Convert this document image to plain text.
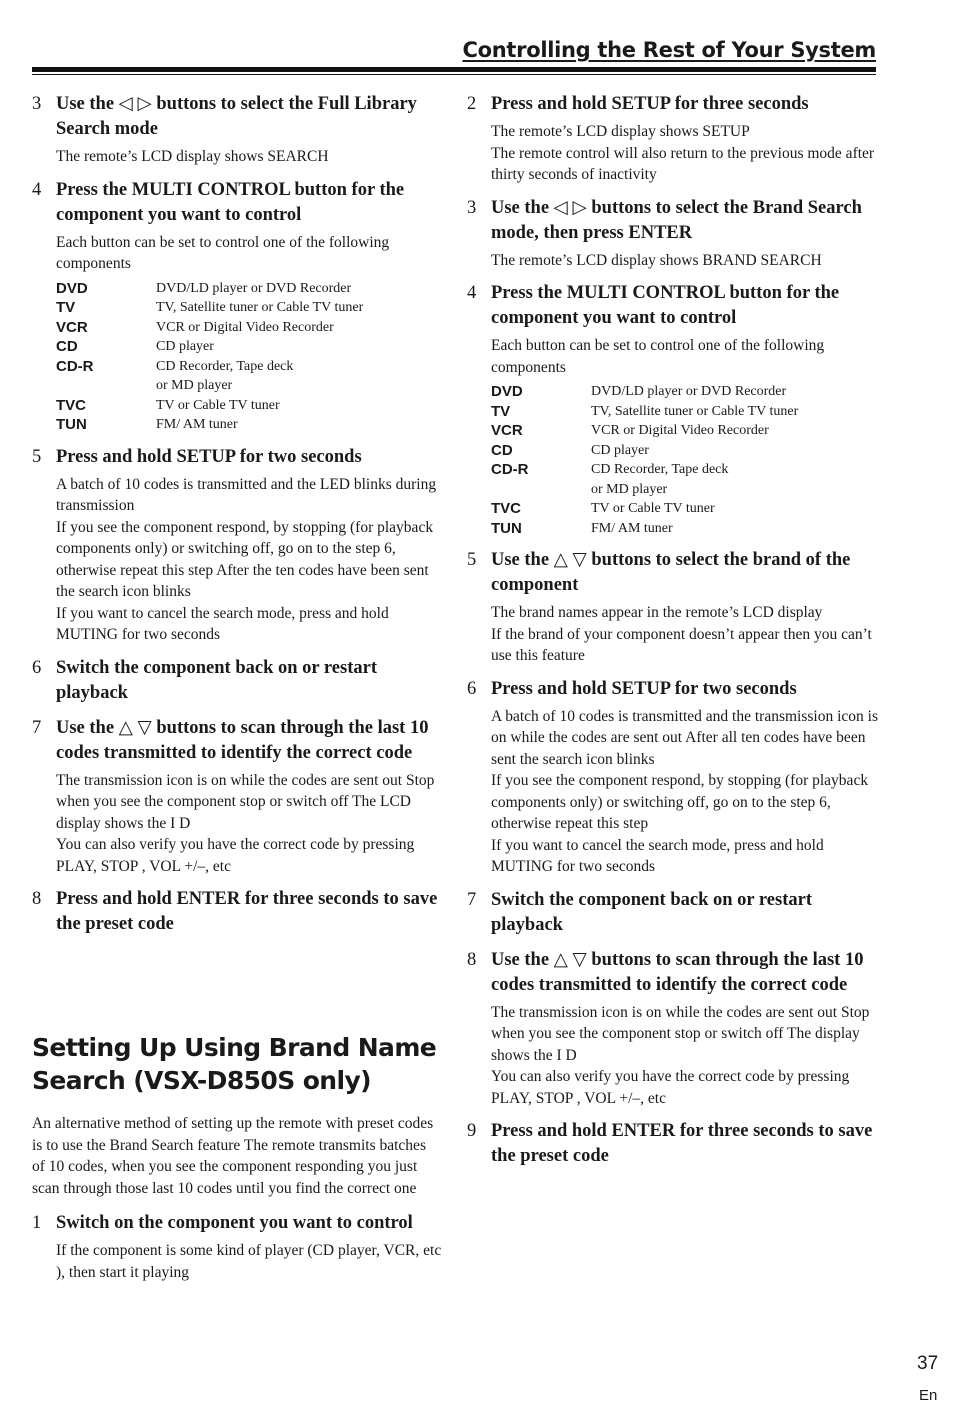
Controlling the Rest of Your System
3 Use the ◁ ▷ buttons to select the Full Library Search mode
The remote’s LCD display shows SEARCH
4 Press the MULTI CONTROL button for the component you want to control
Each button can be set to control one of the following components
DVD	DVD/LD player or DVD Recorder
TV	TV, Satellite tuner or Cable TV tuner
VCR	VCR or Digital Video Recorder
CD	CD player
CD-R	CD Recorder, Tape deck
or MD player
TVC	TV or Cable TV tuner
TUN	FM/ AM tuner
5 Press and hold SETUP for two seconds
A batch of 10 codes is transmitted and the LED blinks during transmission
If you see the component respond, by stopping (for playback components only) or switching off, go on to the step 6, otherwise repeat this step After the ten codes have been sent the search icon blinks
If you want to cancel the search mode, press and hold MUTING for two seconds
6 Switch the component back on or restart playback
7 Use the △ ▽ buttons to scan through the last 10 codes transmitted to identify the correct code
The transmission icon is on while the codes are sent out Stop when you see the component stop or switch off The LCD display shows the I D
You can also verify you have the correct code by pressing PLAY, STOP , VOL +/–, etc
8 Press and hold ENTER for three seconds to save the preset code
Setting Up Using Brand Name
Search (VSX-D850S only)
An alternative method of setting up the remote with preset codes is to use the Brand Search feature The remote transmits batches of 10 codes, when you see the component responding you just scan through those last 10 codes until you find the correct one
1 Switch on the component you want to control
If the component is some kind of player (CD player, VCR, etc ), then start it playing
2 Press and hold SETUP for three seconds
The remote’s LCD display shows SETUP
The remote control will also return to the previous mode after thirty seconds of inactivity
3 Use the ◁ ▷ buttons to select the Brand Search mode, then press ENTER
The remote’s LCD display shows BRAND SEARCH
4 Press the MULTI CONTROL button for the component you want to control
Each button can be set to control one of the following components
DVD	DVD/LD player or DVD Recorder
TV	TV, Satellite tuner or Cable TV tuner
VCR	VCR or Digital Video Recorder
CD	CD player
CD-R	CD Recorder, Tape deck
or MD player
TVC	TV or Cable TV tuner
TUN	FM/ AM tuner
5 Use the △ ▽ buttons to select the brand of the component
The brand names appear in the remote’s LCD display
If the brand of your component doesn’t appear then you can’t use this feature
6 Press and hold SETUP for two seconds
A batch of 10 codes is transmitted and the transmission icon is on while the codes are sent out After all ten codes have been sent the search icon blinks
If you see the component respond, by stopping (for playback components only) or switching off, go on to the step 6, otherwise repeat this step
If you want to cancel the search mode, press and hold MUTING for two seconds
7 Switch the component back on or restart playback
8 Use the △ ▽ buttons to scan through the last 10 codes transmitted to identify the correct code
The transmission icon is on while the codes are sent out Stop when you see the component stop or switch off The display shows the I D
You can also verify you have the correct code by pressing PLAY, STOP , VOL +/–, etc
9 Press and hold ENTER for three seconds to save the preset code
37
En
